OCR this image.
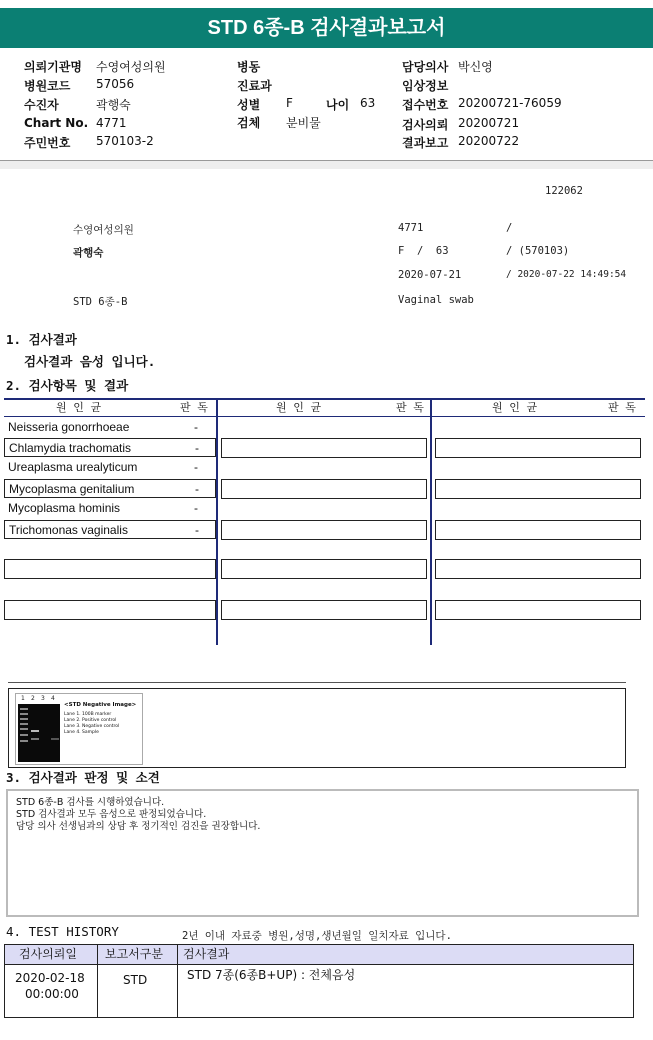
STD 6종-B 검사결과보고서
의뢰기관명 수영여성의원	병동	담당의사 박신영
병원코드 57056	진료과	임상정보
수진자	곽행숙	성별 F	나이 63 접수번호 20200721-76059
Chart No. 4771	검체 분비물	검사의뢰 20200721
주민번호 570103-2	결과보고 20200722
122062
수영여성의원	4771	/
곽행숙	F  /  63	/ (570103)
2020-07-21	/ 2020-07-22 14:49:54
STD 6종-B	Vaginal swab
1. 검사결과
검사결과 음성 입니다.
2. 검사항목 및 결과
원 인 균	판 독	원 인 균	판 독	원 인 균	판 독
Neisseria gonorrhoeae	-
Chlamydia trachomatis	-
Ureaplasma urealyticum	-
Mycoplasma genitalium	-
Mycoplasma hominis	-
Trichomonas vaginalis	-
1 2 3 4
<STD Negative Image>
Lane 1. 100B marker
Lane 2. Positive control
Lane 3. Negative control
Lane 4. Sample
3. 검사결과 판정 및 소견
STD 6종-B 검사를 시행하였습니다.
STD 검사결과 모두 음성으로 판정되었습니다.
담당 의사 선생님과의 상담 후 정기적인 검진을 권장합니다.
4. TEST HISTORY	2년 이내 자료중 병원,성명,생년월일 일치자료 입니다.
검사의뢰일 보고서구분 검사결과
2020-02-18
00:00:00
STD	STD 7종(6종B+UP) : 전체음성
